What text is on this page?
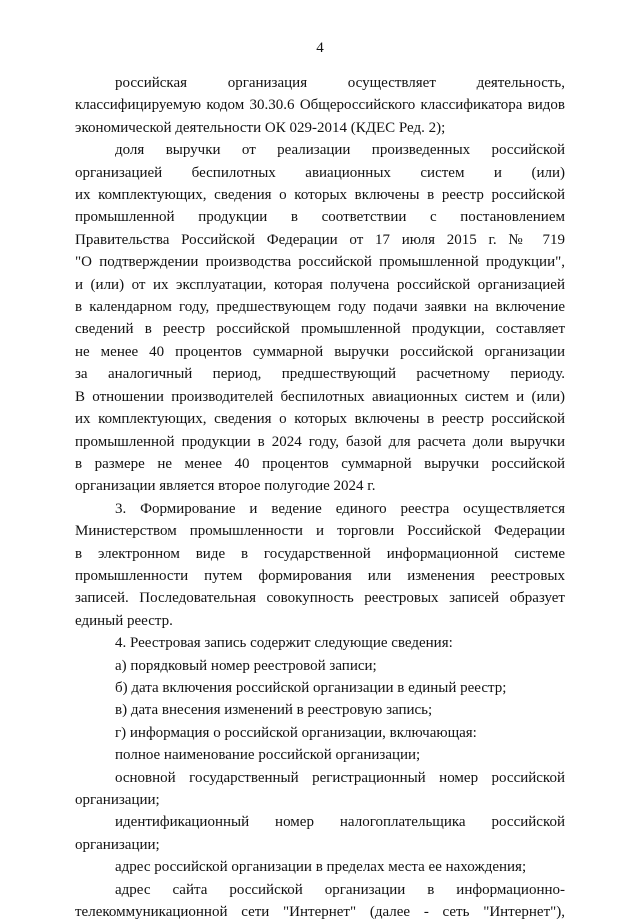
4
российская организация осуществляет деятельность,
классифицируемую кодом 30.30.6 Общероссийского классификатора видов
экономической деятельности ОК 029-2014 (КДЕС Ред. 2);
доля выручки от реализации произведенных российской
организацией беспилотных авиационных систем и (или)
их комплектующих, сведения о которых включены в реестр российской
промышленной продукции в соответствии с постановлением
Правительства Российской Федерации от 17 июля 2015 г. № 719
"О подтверждении производства российской промышленной продукции",
и (или) от их эксплуатации, которая получена российской организацией
в календарном году, предшествующем году подачи заявки на включение
сведений в реестр российской промышленной продукции, составляет
не менее 40 процентов суммарной выручки российской организации
за аналогичный период, предшествующий расчетному периоду.
В отношении производителей беспилотных авиационных систем и (или)
их комплектующих, сведения о которых включены в реестр российской
промышленной продукции в 2024 году, базой для расчета доли выручки
в размере не менее 40 процентов суммарной выручки российской
организации является второе полугодие 2024 г.
3. Формирование и ведение единого реестра осуществляется
Министерством промышленности и торговли Российской Федерации
в электронном виде в государственной информационной системе
промышленности путем формирования или изменения реестровых
записей. Последовательная совокупность реестровых записей образует
единый реестр.
4. Реестровая запись содержит следующие сведения:
а) порядковый номер реестровой записи;
б) дата включения российской организации в единый реестр;
в) дата внесения изменений в реестровую запись;
г) информация о российской организации, включающая:
полное наименование российской организации;
основной государственный регистрационный номер российской
организации;
идентификационный номер налогоплательщика российской
организации;
адрес российской организации в пределах места ее нахождения;
адрес сайта российской организации в информационно-
телекоммуникационной сети "Интернет" (далее - сеть "Интернет"),
